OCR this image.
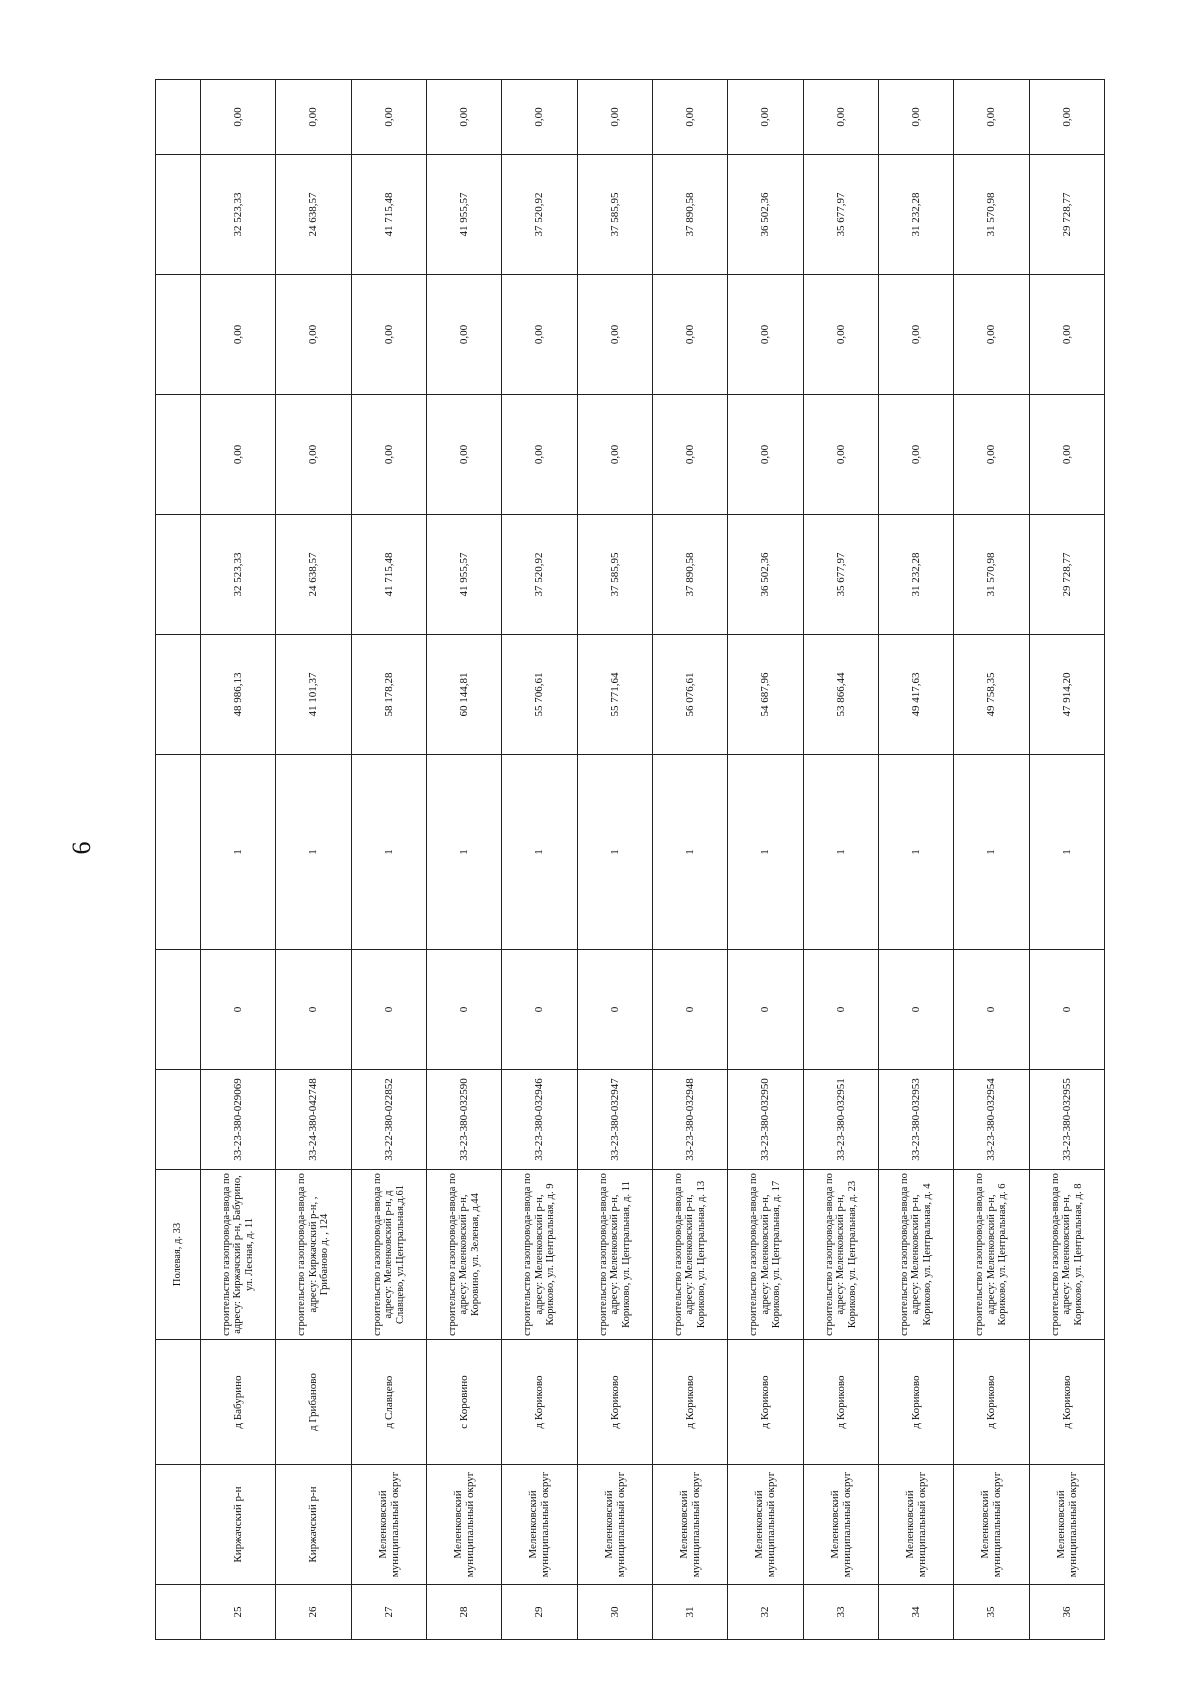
6
			Полевая, д. 33									
25	Киржачский р-н	д Бабурино	строительство газопровода-ввода по адресу: Киржачский р-н, Бабурино, ул. Лесная, д. 11	33-23-380-029069	0	1	48 986,13	32 523,33	0,00	0,00	32 523,33	0,00
26	Киржачский р-н	д Грибаново	строительство газопровода-ввода по адресу: Киржачский р-н, , Грибаново д. , 124	33-24-380-042748	0	1	41 101,37	24 638,57	0,00	0,00	24 638,57	0,00
27	Меленковский муниципальный округ	д Славцево	строительство газопровода-ввода по адресу: Меленковский р-н, д Славцево, ул.Центральная,д.61	33-22-380-022852	0	1	58 178,28	41 715,48	0,00	0,00	41 715,48	0,00
28	Меленковский муниципальный округ	с Коровино	строительство газопровода-ввода по адресу: Меленковский р-н, Коровино, ул. Зеленая, д.44	33-23-380-032590	0	1	60 144,81	41 955,57	0,00	0,00	41 955,57	0,00
29	Меленковский муниципальный округ	д Кориково	строительство газопровода-ввода по адресу: Меленковский р-н, Кориково, ул. Центральная, д. 9	33-23-380-032946	0	1	55 706,61	37 520,92	0,00	0,00	37 520,92	0,00
30	Меленковский муниципальный округ	д Кориково	строительство газопровода-ввода по адресу: Меленковский р-н, Кориково, ул. Центральная, д. 11	33-23-380-032947	0	1	55 771,64	37 585,95	0,00	0,00	37 585,95	0,00
31	Меленковский муниципальный округ	д Кориково	строительство газопровода-ввода по адресу: Меленковский р-н, Кориково, ул. Центральная, д. 13	33-23-380-032948	0	1	56 076,61	37 890,58	0,00	0,00	37 890,58	0,00
32	Меленковский муниципальный округ	д Кориково	строительство газопровода-ввода по адресу: Меленковский р-н, Кориково, ул. Центральная, д. 17	33-23-380-032950	0	1	54 687,96	36 502,36	0,00	0,00	36 502,36	0,00
33	Меленковский муниципальный округ	д Кориково	строительство газопровода-ввода по адресу: Меленковский р-н, Кориково, ул. Центральная, д. 23	33-23-380-032951	0	1	53 866,44	35 677,97	0,00	0,00	35 677,97	0,00
34	Меленковский муниципальный округ	д Кориково	строительство газопровода-ввода по адресу: Меленковский р-н, Кориково, ул. Центральная, д. 4	33-23-380-032953	0	1	49 417,63	31 232,28	0,00	0,00	31 232,28	0,00
35	Меленковский муниципальный округ	д Кориково	строительство газопровода-ввода по адресу: Меленковский р-н, Кориково, ул. Центральная, д. 6	33-23-380-032954	0	1	49 758,35	31 570,98	0,00	0,00	31 570,98	0,00
36	Меленковский муниципальный округ	д Кориково	строительство газопровода-ввода по адресу: Меленковский р-н, Кориково, ул. Центральная, д. 8	33-23-380-032955	0	1	47 914,20	29 728,77	0,00	0,00	29 728,77	0,00
